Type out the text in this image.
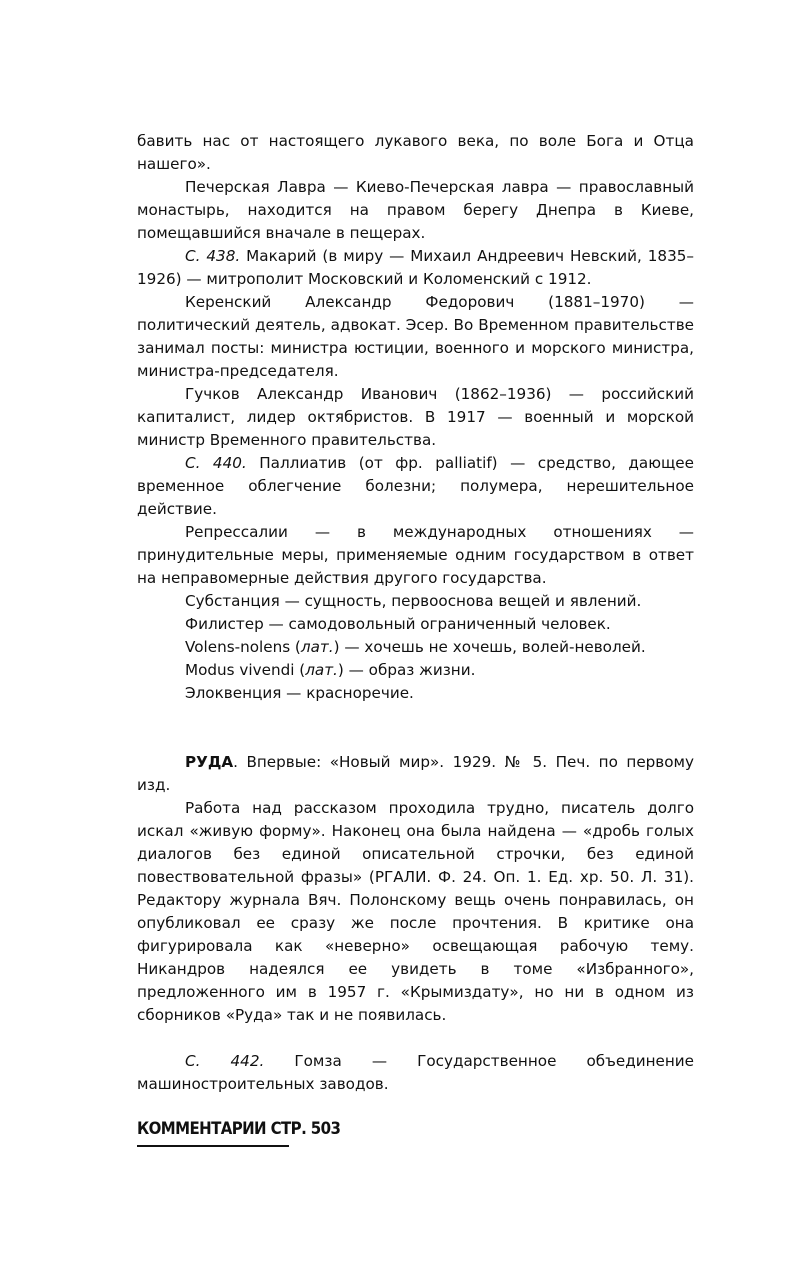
бавить нас от настоящего лукавого века, по воле Бога и Отца нашего».

Печерская Лавра — Киево-Печерская лавра — православный монастырь, находится на правом берегу Днепра в Киеве, помещавшийся вначале в пещерах.

С. 438. Макарий (в миру — Михаил Андреевич Невский, 1835–1926) — митрополит Московский и Коломенский с 1912.

Керенский Александр Федорович (1881–1970) — политический деятель, адвокат. Эсер. Во Временном правительстве занимал посты: министра юстиции, военного и морского министра, министра-председателя.

Гучков Александр Иванович (1862–1936) — российский капиталист, лидер октябристов. В 1917 — военный и морской министр Временного правительства.

С. 440. Паллиатив (от фр. palliatif) — средство, дающее временное облегчение болезни; полумера, нерешительное действие.

Репрессалии — в международных отношениях — принудительные меры, применяемые одним государством в ответ на неправомерные действия другого государства.

Субстанция — сущность, первооснова вещей и явлений.

Филистер — самодовольный ограниченный человек.

Volens-nolens (лат.) — хочешь не хочешь, волей-неволей.

Modus vivendi (лат.) — образ жизни.

Элоквенция — красноречие.

РУДА. Впервые: «Новый мир». 1929. № 5. Печ. по первому изд.

Работа над рассказом проходила трудно, писатель долго искал «живую форму». Наконец она была найдена — «дробь голых диалогов без единой описательной строчки, без единой повествовательной фразы» (РГАЛИ. Ф. 24. Оп. 1. Ед. хр. 50. Л. 31). Редактору журнала Вяч. Полонскому вещь очень понравилась, он опубликовал ее сразу же после прочтения. В критике она фигурировала как «неверно» освещающая рабочую тему. Никандров надеялся ее увидеть в томе «Избранного», предложенного им в 1957 г. «Крымиздату», но ни в одном из сборников «Руда» так и не появилась.

С. 442. Гомза — Государственное объединение машиностроительных заводов.

КОММЕНТАРИИ СТР. 503
